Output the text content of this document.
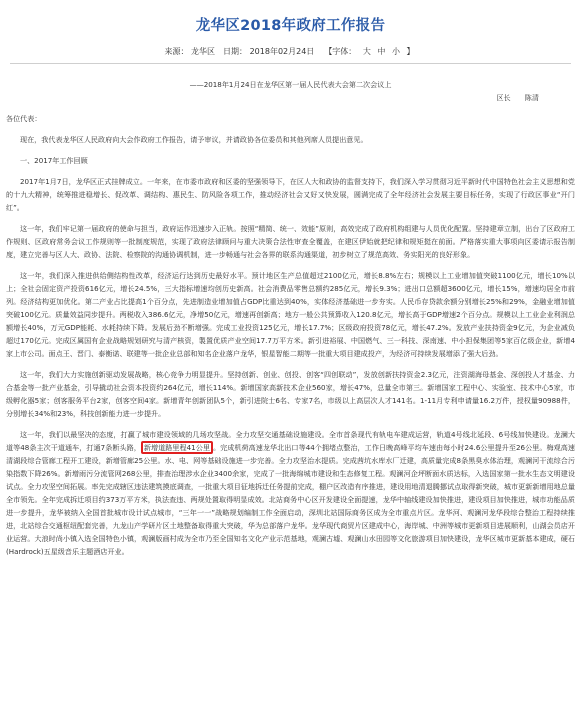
龙华区2018年政府工作报告
来源： 龙华区 日期： 2018年02月24日 【字体： 大 中 小 】
——2018年1月24日在龙华区第一届人民代表大会第二次会议上
区长　　陈清
各位代表：

现在，我代表龙华区人民政府向大会作政府工作报告，请予审议，并请政协各位委员和其他列席人员提出意见。

一、2017年工作回顾

2017年1月7日，龙华区正式挂牌成立。一年来，在市委市政府和区委的坚强领导下，在区人大和政协的监督支持下，我们深入学习贯彻习近平新时代中国特色社会主义思想和党的十九大精神，统筹推进稳增长、促改革、调结构、惠民生、防风险各项工作，推动经济社会又好又快发展，圆满完成了全年经济社会发展主要目标任务，实现了行政区事业“开门红”。

这一年，我们牢记第一届政府的使命与担当，政府运作迅速步入正轨。按照“精简、统一、效能”原则，高效完成了政府机构组建与人员优化配置。坚持建章立制，出台了区政府工作规则、区政府常务会议工作规则等一批制度规范，实现了政府法律顾问与重大决策合法性审查全覆盖，在建区伊始就把纪律和规矩挺在前面。严格落实重大事项向区委请示报告制度，建立完善与区人大、政协、法院、检察院的沟通协调机制，进一步畅通与社会各界的联系沟通渠道，初步树立了规范高效、务实阳光的良好形象。

这一年，我们深入推进供给侧结构性改革，经济运行达到历史最好水平。预计地区生产总值超过2100亿元，增长8.8%左右；规模以上工业增加值突破1100亿元，增长10%以上；全社会固定资产投资616亿元，增长24.5%，三大指标增速均创历史新高。社会消费品零售总额约285亿元，增长9.3%；进出口总额超3600亿元，增长15%，增速均居全市前列。经济结构更加优化。第二产业占比提高1个百分点，先进制造业增加值占GDP比重达到40%，实体经济基础进一步夯实。人民币存贷款余额分别增长25%和29%，金融业增加值突破100亿元。质量效益同步提升。两税收入386.6亿元，净增50亿元，增速再创新高；地方一般公共预算收入120.8亿元，增长高于GDP增速2个百分点。规模以上工业企业利润总额增长40%，万元GDP能耗、水耗持续下降。发展后劲不断增强。完成工业投资125亿元，增长17.7%；区级政府投资78亿元，增长47.2%。发放产业扶持资金9亿元，为企业减负超过170亿元。完成区属国有企业战略规划研究与清产核资，製置优质产业空间17.7万平方米。新引进裕展、中国燃气、三一科技、深南速、中小担保集团等5家百亿级企业，新增4家上市公司。面点王、晋门、泰衡诺、联建等一批企业总部和知名企业落户龙华，银星智能二期等一批重大项目建成投产，为经济可持续发展增添了强大后劲。

这一年，我们大力实施创新驱动发展战略，核心竞争力明显提升。坚持创新、创业、创投、创客“四创联动”，发放创新扶持资金2.3亿元，注资湖海母基金、深创投人才基金、力合基金等一批产业基金，引导撬动社会资本投资约264亿元，增长114%。新增国家高新技术企业560家，增长47%，总量全市第三。新增国家工程中心、实验室、技术中心5家，市级孵化器5家；创客服务平台2家，创客空间4家。新增青年创新团队5个，新引进院士6名、专家7名，市级以上高层次人才141名。1-11月专利申请量16.2万件，授权量90988件，分别增长34%和23%，科技创新能力进一步提升。

这一年，我们以最坚决的态度，打赢了城市建设领域的几场攻坚战。全力攻坚交通基础设施建设。全市首条现代有轨电车建成运营，轨道4号线北延段、6号线加快建设。龙澜大道等48条主次干道通车，打通7条断头路， 新增道路里程41公里 。完成机荷高速龙华北出口等44个拥堵点整治，工作日晚高峰平均车速由每小时24.6公里提升至26公里。梅观高速清湖段综合管廊工程开工建设，新增管廊25公里。水、电、网等基础设施进一步完善。全力攻坚治水提质。完成茜坑水库水厂迁建，高质量完成8条黑臭水体治理，观澜河干流综合污染指数下降26%。新增雨污分流管网268公里，排查治理涉水企业3400余家，完成了一批海绵城市建设和生态修复工程。观澜河企坪断面水质达标，入选国家第一批水生态文明建设试点。全力攻坚空间拓展。率先完成辖区违法建筑摸底调查，一批重大项目征地拆迁任务提前完成，棚户区改造有序推进，建设用地清退腾挪试点取得新突破，城市更新新增用地总量全市领先。全年完成拆迁项目约373万平方米，执法查违、两规处置取得明显成效。北站商务中心区开发建设全面提速，龙华中轴线建设加快推进，建设项目加快推进，城市功能品质进一步提升，龙华被纳入全国首批城市设计试点城市，“三年一一”战略规划编制工作全面启动，深圳北站国际商务区成为全市重点片区。龙华河、观澜河龙华段综合整治工程持续推进，北站综合交通枢纽配套完善，九龙山产学研片区土地整备取得重大突破，华为总部落户龙华。龙华现代商贸片区建成中心，海岸城、中洲等城市更新项目进展顺利，山湖会员店开业运营。大浪时尚小镇入选全国特色小镇，观澜版画村成为全市乃至全国知名文化产业示范基地，观澜古墟、观澜山水田园等文化旅游项目加快建设，龙华区城市更新基本建成，硬石(Hardrock)五星级音乐主题酒店开业。
